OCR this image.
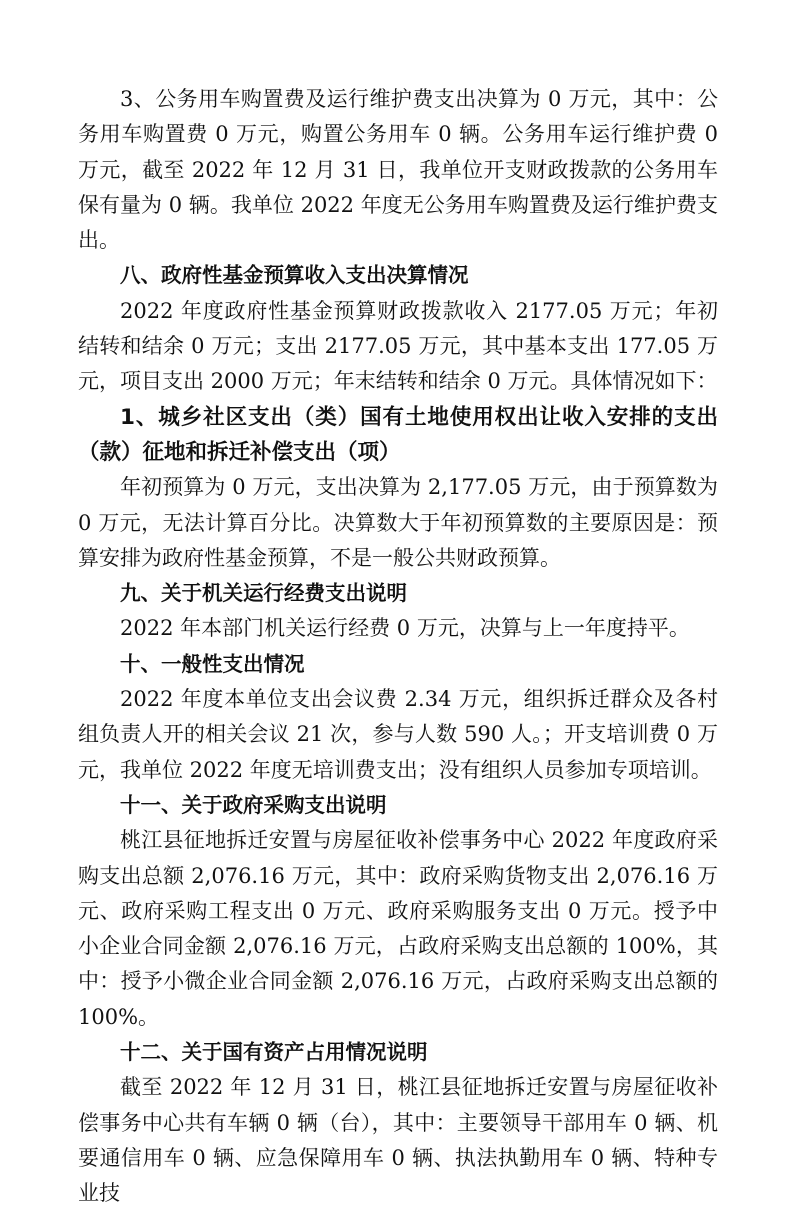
3、公务用车购置费及运行维护费支出决算为 0 万元，其中：公务用车购置费 0 万元，购置公务用车 0 辆。公务用车运行维护费 0 万元，截至 2022 年 12 月 31 日，我单位开支财政拨款的公务用车保有量为 0 辆。我单位 2022 年度无公务用车购置费及运行维护费支出。

八、政府性基金预算收入支出决算情况

2022 年度政府性基金预算财政拨款收入 2177.05 万元；年初结转和结余 0 万元；支出 2177.05 万元，其中基本支出 177.05 万元，项目支出 2000 万元；年末结转和结余 0 万元。具体情况如下：

1、城乡社区支出（类）国有土地使用权出让收入安排的支出（款）征地和拆迁补偿支出（项）

年初预算为 0 万元，支出决算为 2,177.05 万元，由于预算数为 0 万元，无法计算百分比。决算数大于年初预算数的主要原因是：预算安排为政府性基金预算，不是一般公共财政预算。

九、关于机关运行经费支出说明

2022 年本部门机关运行经费 0 万元，决算与上一年度持平。

十、一般性支出情况

2022 年度本单位支出会议费 2.34 万元，组织拆迁群众及各村组负责人开的相关会议 21 次，参与人数 590 人。；开支培训费 0 万元，我单位 2022 年度无培训费支出；没有组织人员参加专项培训。

十一、关于政府采购支出说明

桃江县征地拆迁安置与房屋征收补偿事务中心 2022 年度政府采购支出总额 2,076.16 万元，其中：政府采购货物支出 2,076.16 万元、政府采购工程支出 0 万元、政府采购服务支出 0 万元。授予中小企业合同金额 2,076.16 万元，占政府采购支出总额的 100%，其中：授予小微企业合同金额 2,076.16 万元，占政府采购支出总额的 100%。

十二、关于国有资产占用情况说明

截至 2022 年 12 月 31 日，桃江县征地拆迁安置与房屋征收补偿事务中心共有车辆 0 辆（台），其中：主要领导干部用车 0 辆、机要通信用车 0 辆、应急保障用车 0 辆、执法执勤用车 0 辆、特种专业技
